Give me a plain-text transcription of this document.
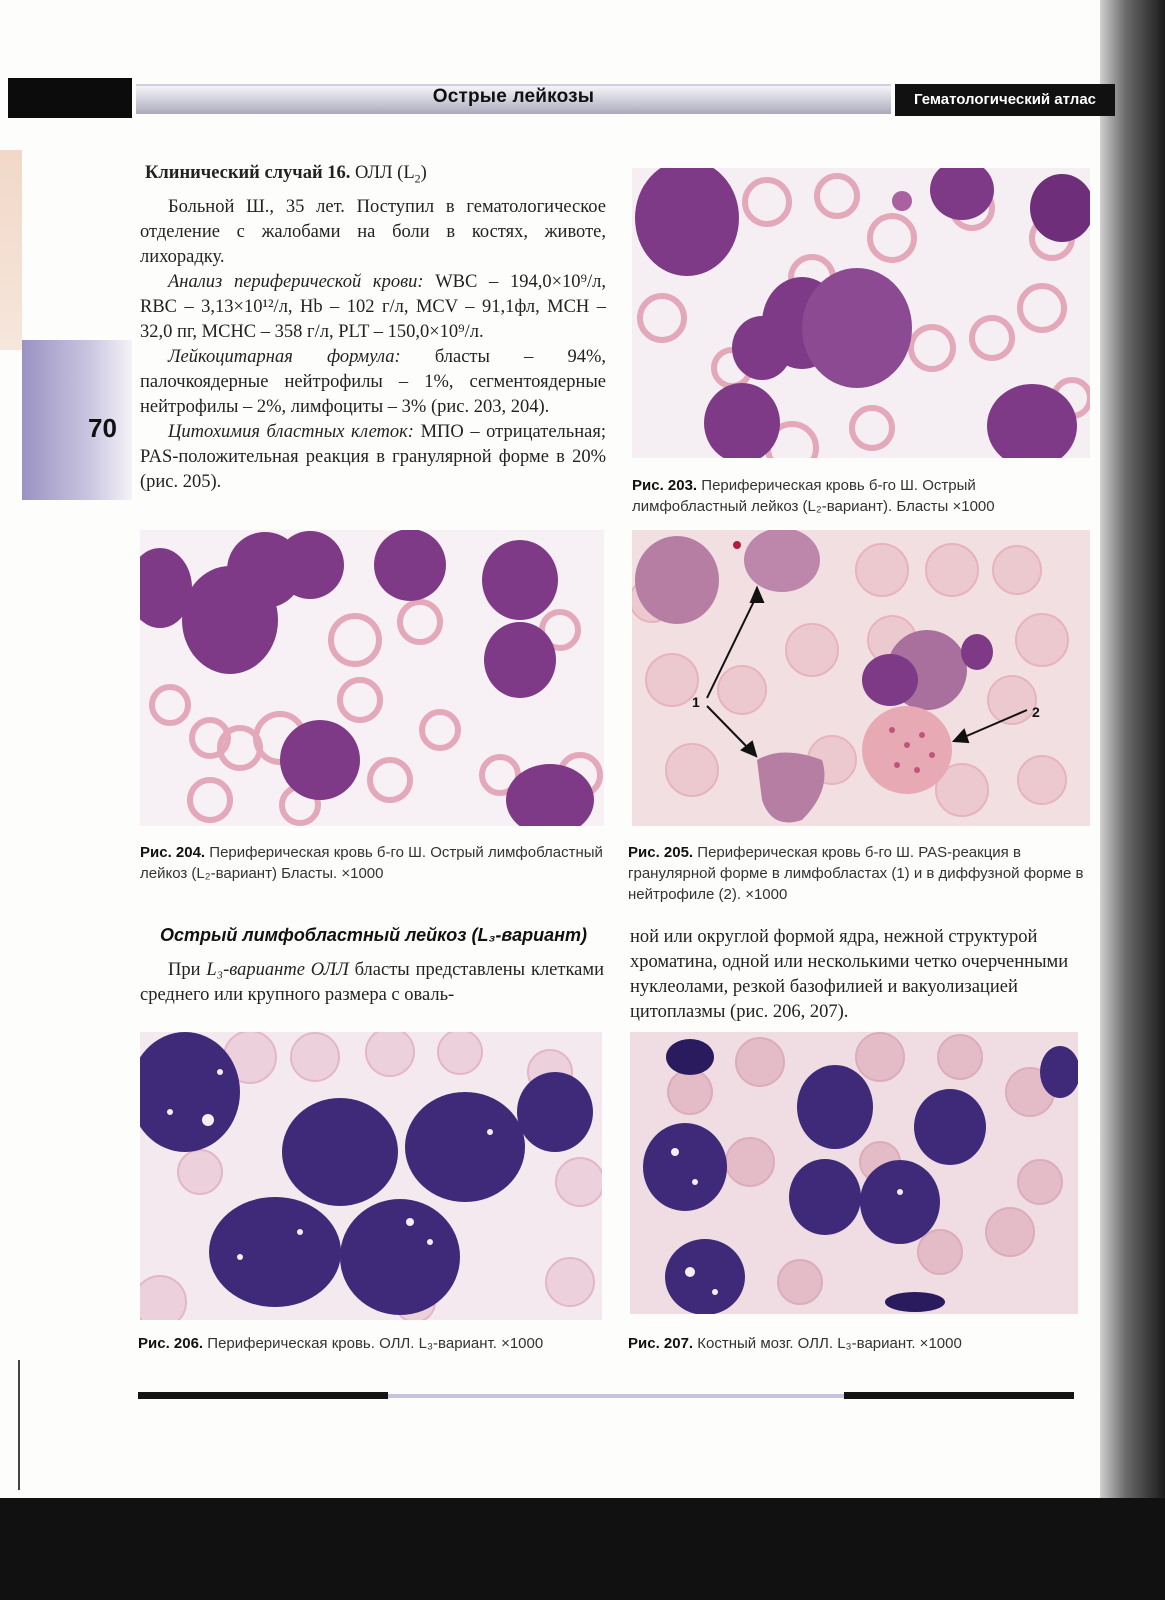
Острые лейкозы	Гематологический атлас
70
Клинический случай 16. ОЛЛ $(L_2)$

Больной Ш., 35 лет. Поступил в гематологическое отделение с жалобами на боли в костях, животе, лихорадку.

Анализ периферической крови: WBC – 194,0×10⁹/л, RBC – 3,13×10¹²/л, Hb – 102 г/л, MCV – 91,1фл, MCH – 32,0 пг, MCHC – 358 г/л, PLT – 150,0×10⁹/л.

Лейкоцитарная формула: бласты – 94%, палочкоядерные нейтрофилы – 1%, сегментоядерные нейтрофилы – 2%, лимфоциты – 3% (рис. 203, 204).

Цитохимия бластных клеток: МПО – отрицательная; PAS-положительная реакция в гранулярной форме в 20% (рис. 205).	Рис. 203. Периферическая кровь б-го Ш. Острый лимфобластный лейкоз (L₂-вариант). Бласты ×1000
Рис. 204. Периферическая кровь б-го Ш. Острый лимфобластный лейкоз (L₂-вариант) Бласты. ×1000
1
2
Рис. 205. Периферическая кровь б-го Ш. PAS-реакция в гранулярной форме в лимфобластах (1) и в диффузной форме в нейтрофиле (2). ×1000
Острый лимфобластный лейкоз (L₃-вариант)

При L₃-варианте ОЛЛ бласты представлены клетками среднего или крупного размера с оваль-

ной или округлой формой ядра, нежной структурой хроматина, одной или несколькими четко очерченными нуклеолами, резкой базофилией и вакуолизацией цитоплазмы (рис. 206, 207).
Рис. 206. Периферическая кровь. ОЛЛ. L₃-вариант. ×1000	Рис. 207. Костный мозг. ОЛЛ. L₃-вариант. ×1000
